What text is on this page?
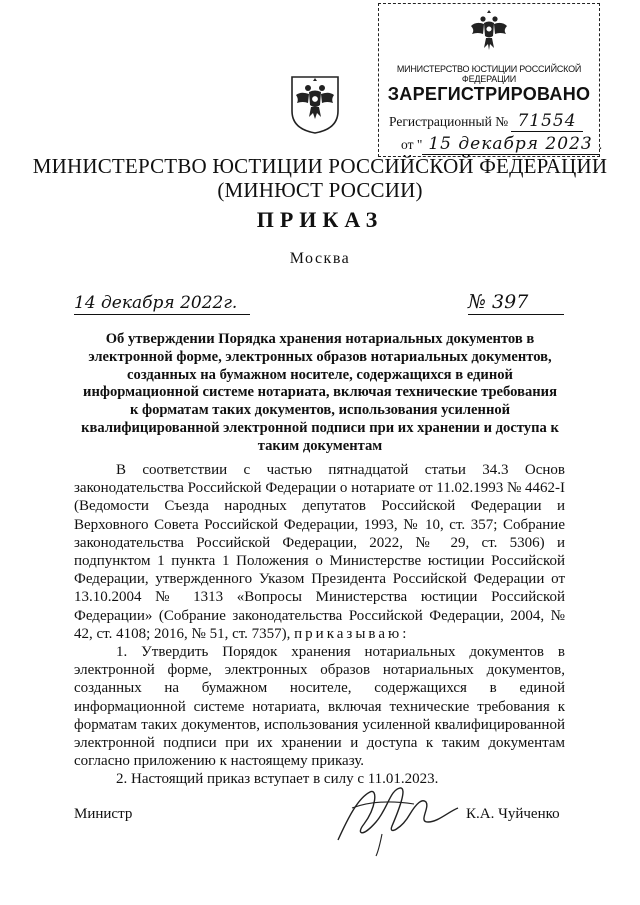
МИНИСТЕРСТВО ЮСТИЦИИ РОССИЙСКОЙ ФЕДЕРАЦИИ
ЗАРЕГИСТРИРОВАНО
Регистрационный № 71554
от " 15 декабря 2023 .
МИНИСТЕРСТВО ЮСТИЦИИ РОССИЙСКОЙ ФЕДЕРАЦИИ
(МИНЮСТ РОССИИ)
ПРИКАЗ
Москва
14 декабря 2022г.	№ 397
Об утверждении Порядка хранения нотариальных документов в электронной форме, электронных образов нотариальных документов, созданных на бумажном носителе, содержащихся в единой информационной системе нотариата, включая технические требования к форматам таких документов, использования усиленной квалифицированной электронной подписи при их хранении и доступа к таким документам

В соответствии с частью пятнадцатой статьи 34.3 Основ законодательства Российской Федерации о нотариате от 11.02.1993 № 4462-I (Ведомости Съезда народных депутатов Российской Федерации и Верховного Совета Российской Федерации, 1993, № 10, ст. 357; Собрание законодательства Российской Федерации, 2022, № 29, ст. 5306) и подпунктом 1 пункта 1 Положения о Министерстве юстиции Российской Федерации, утвержденного Указом Президента Российской Федерации от 13.10.2004 № 1313 «Вопросы Министерства юстиции Российской Федерации» (Собрание законодательства Российской Федерации, 2004, № 42, ст. 4108; 2016, № 51, ст. 7357), приказываю:

1. Утвердить Порядок хранения нотариальных документов в электронной форме, электронных образов нотариальных документов, созданных на бумажном носителе, содержащихся в единой информационной системе нотариата, включая технические требования к форматам таких документов, использования усиленной квалифицированной электронной подписи при их хранении и доступа к таким документам согласно приложению к настоящему приказу.

2. Настоящий приказ вступает в силу с 11.01.2023.

Министр	К.А. Чуйченко
